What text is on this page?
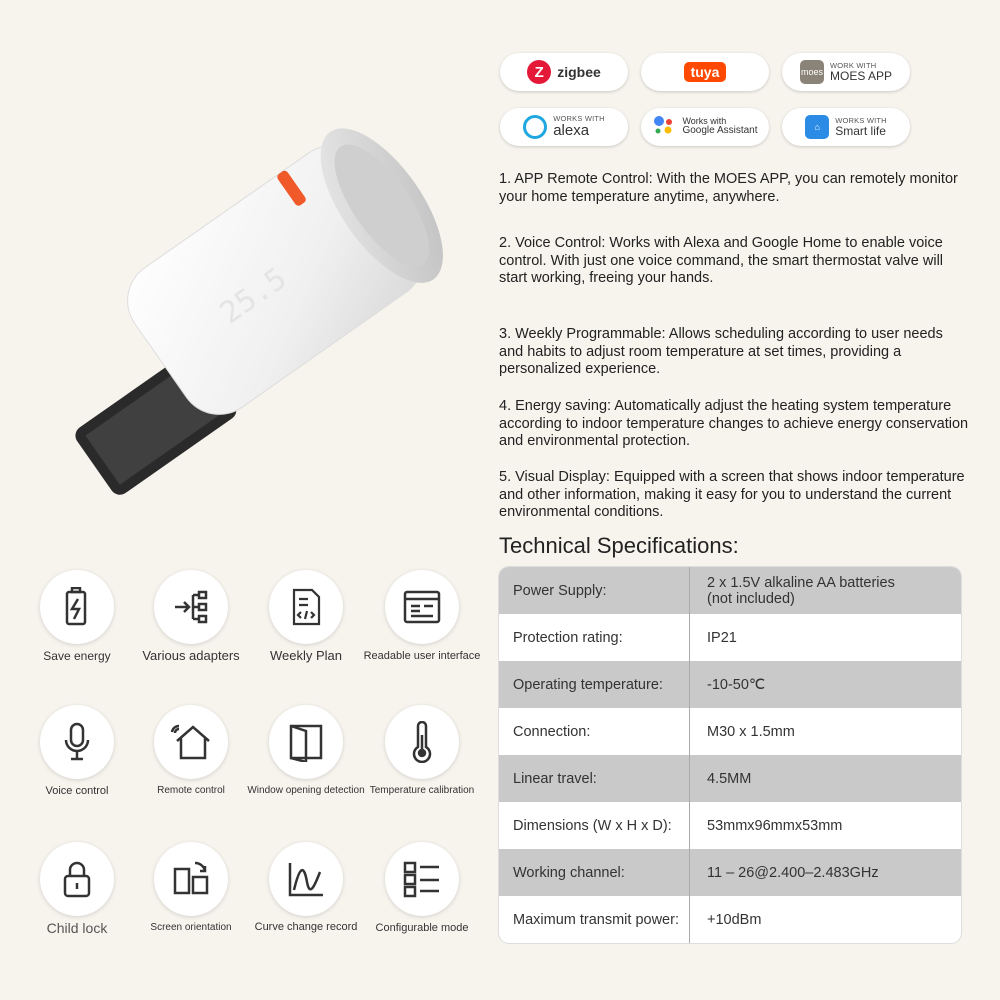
25.5
Z zigbee	tuya	moes
WORK WITH
MOES APP
WORKS WITH
alexa
Works with
Google Assistant	⌂
WORKS WITH
Smart life

1. APP Remote Control: With the MOES APP, you can remotely monitor your home temperature anytime, anywhere.

2. Voice Control: Works with Alexa and Google Home to enable voice control. With just one voice command, the smart thermostat valve will start working, freeing your hands.

3. Weekly Programmable: Allows scheduling according to user needs and habits to adjust room temperature at set times, providing a personalized experience.

4. Energy saving: Automatically adjust the heating system temperature according to indoor temperature changes to achieve energy conservation and environmental protection.

5. Visual Display: Equipped with a screen that shows indoor temperature and other information, making it easy for you to understand the current environmental conditions.

Technical Specifications:
Power Supply:	2 x 1.5V alkaline AA batteries
(not included)
Protection rating:	IP21
Operating temperature:	-10-50℃
Connection:	M30 x 1.5mm
Linear travel:	4.5MM
Dimensions (W x H x D):	53mmx96mmx53mm
Working channel:	11 – 26@2.400–2.483GHz
Maximum transmit power:	+10dBm
Save energy	Various adapters	Weekly Plan	Readable user interface
Voice control	Remote control	Window opening detection Temperature calibration
Child lock	Screen orientation	Curve change record	Configurable mode
